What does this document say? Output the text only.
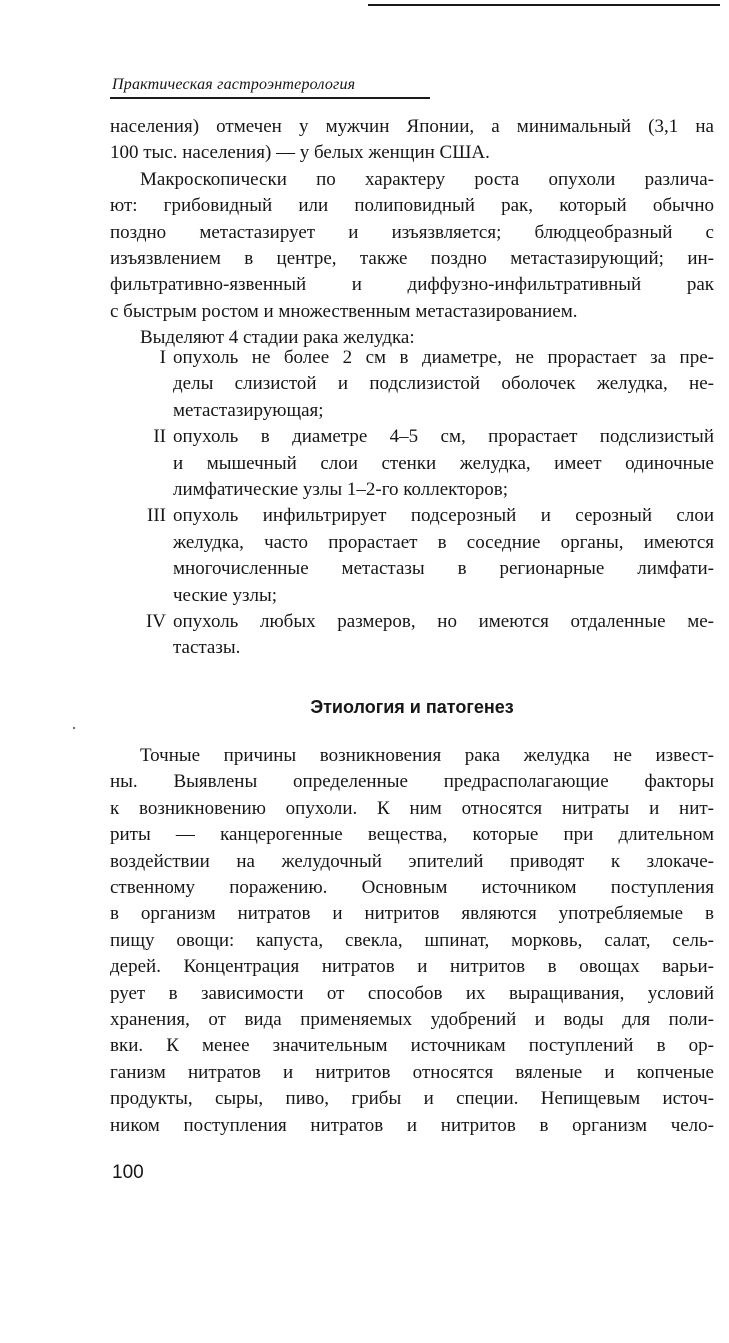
Практическая гастроэнтерология
населения) отмечен у мужчин Японии, а минимальный (3,1 на
100 тыс. населения) — у белых женщин США.
Макроскопически по характеру роста опухоли различа-
ют: грибовидный или полиповидный рак, который обычно
поздно метастазирует и изъязвляется; блюдцеобразный с
изъязвлением в центре, также поздно метастазирующий; ин-
фильтративно-язвенный и диффузно-инфильтративный рак
с быстрым ростом и множественным метастазированием.
Выделяют 4 стадии рака желудка:
I опухоль не более 2 см в диаметре, не прорастает за пре-
делы слизистой и подслизистой оболочек желудка, не-
метастазирующая;
II опухоль в диаметре 4–5 см, прорастает подслизистый
и мышечный слои стенки желудка, имеет одиночные
лимфатические узлы 1–2-го коллекторов;
III опухоль инфильтрирует подсерозный и серозный слои
желудка, часто прорастает в соседние органы, имеются
многочисленные метастазы в регионарные лимфати-
ческие узлы;
IV опухоль любых размеров, но имеются отдаленные ме-
тастазы.
Этиология и патогенез
Точные причины возникновения рака желудка не извест-
ны. Выявлены определенные предрасполагающие факторы
к возникновению опухоли. К ним относятся нитраты и нит-
риты — канцерогенные вещества, которые при длительном
воздействии на желудочный эпителий приводят к злокаче-
ственному поражению. Основным источником поступления
в организм нитратов и нитритов являются употребляемые в
пищу овощи: капуста, свекла, шпинат, морковь, салат, сель-
дерей. Концентрация нитратов и нитритов в овощах варьи-
рует в зависимости от способов их выращивания, условий
хранения, от вида применяемых удобрений и воды для поли-
вки. К менее значительным источникам поступлений в ор-
ганизм нитратов и нитритов относятся вяленые и копченые
продукты, сыры, пиво, грибы и специи. Непищевым источ-
ником поступления нитратов и нитритов в организм чело-
100
